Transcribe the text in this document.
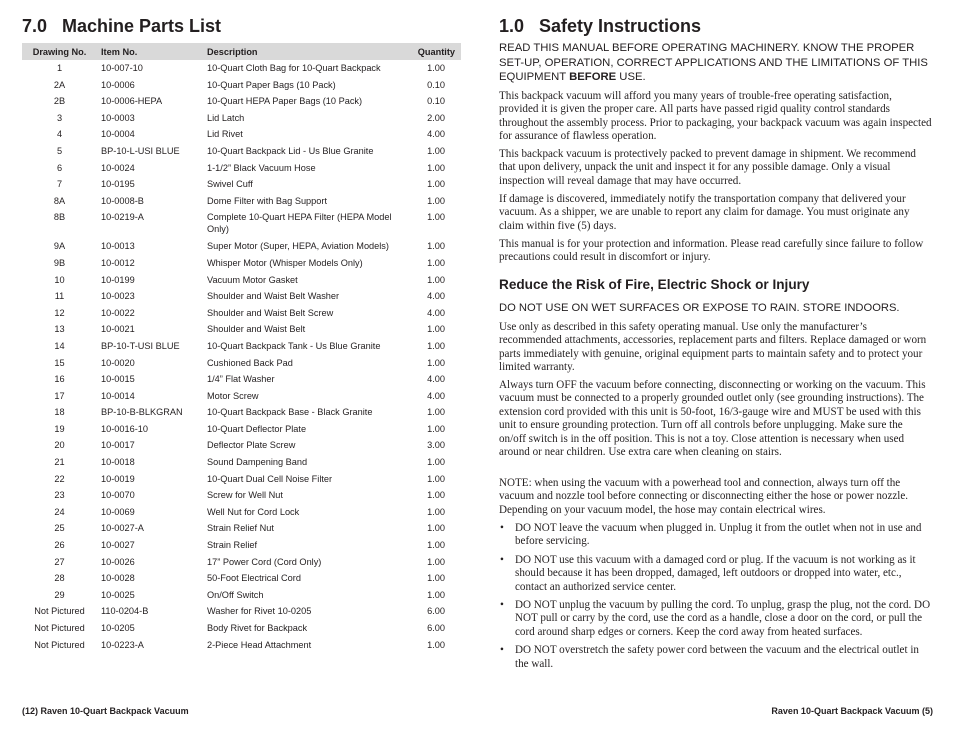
7.0 Machine Parts List
Drawing No.	Item No.	Description	Quantity
1	10-007-10	10-Quart Cloth Bag for 10-Quart Backpack	1.00
2A	10-0006	10-Quart Paper Bags (10 Pack)	0.10
2B	10-0006-HEPA	10-Quart HEPA Paper Bags (10 Pack)	0.10
3	10-0003	Lid Latch	2.00
4	10-0004	Lid Rivet	4.00
5	BP-10-L-USI BLUE	10-Quart Backpack Lid - Us Blue Granite	1.00
6	10-0024	1-1/2” Black Vacuum Hose	1.00
7	10-0195	Swivel Cuff	1.00
8A	10-0008-B	Dome Filter with Bag Support	1.00
8B	10-0219-A	Complete 10-Quart HEPA Filter (HEPA Model Only)	1.00
9A	10-0013	Super Motor (Super, HEPA, Aviation Models)	1.00
9B	10-0012	Whisper Motor (Whisper Models Only)	1.00
10	10-0199	Vacuum Motor Gasket	1.00
11	10-0023	Shoulder and Waist Belt Washer	4.00
12	10-0022	Shoulder and Waist Belt Screw	4.00
13	10-0021	Shoulder and Waist Belt	1.00
14	BP-10-T-USI BLUE	10-Quart Backpack Tank - Us Blue Granite	1.00
15	10-0020	Cushioned Back Pad	1.00
16	10-0015	1/4” Flat Washer	4.00
17	10-0014	Motor Screw	4.00
18	BP-10-B-BLKGRAN	10-Quart Backpack Base - Black Granite	1.00
19	10-0016-10	10-Quart Deflector Plate	1.00
20	10-0017	Deflector Plate Screw	3.00
21	10-0018	Sound Dampening Band	1.00
22	10-0019	10-Quart Dual Cell Noise Filter	1.00
23	10-0070	Screw for Well Nut	1.00
24	10-0069	Well Nut for Cord Lock	1.00
25	10-0027-A	Strain Relief Nut	1.00
26	10-0027	Strain Relief	1.00
27	10-0026	17” Power Cord (Cord Only)	1.00
28	10-0028	50-Foot Electrical Cord	1.00
29	10-0025	On/Off Switch	1.00
Not Pictured	110-0204-B	Washer for Rivet 10-0205	6.00
Not Pictured	10-0205	Body Rivet for Backpack	6.00
Not Pictured	10-0223-A	2-Piece Head Attachment	1.00
(12) Raven 10-Quart Backpack Vacuum
1.0 Safety Instructions

READ THIS MANUAL BEFORE OPERATING MACHINERY. KNOW THE PROPER SET-UP, OPERATION, CORRECT APPLICATIONS AND THE LIMITATIONS OF THIS EQUIPMENT BEFORE USE.

This backpack vacuum will afford you many years of trouble-free operating satisfaction, provided it is given the proper care. All parts have passed rigid quality control standards throughout the assembly process. Prior to packaging, your backpack vacuum was again inspected for assurance of flawless operation.

This backpack vacuum is protectively packed to prevent damage in shipment. We recommend that upon delivery, unpack the unit and inspect it for any possible damage. Only a visual inspection will reveal damage that may have occurred.

If damage is discovered, immediately notify the transportation company that delivered your vacuum. As a shipper, we are unable to report any claim for damage. You must originate any claim within five (5) days.

This manual is for your protection and information. Please read carefully since failure to follow precautions could result in discomfort or injury.

Reduce the Risk of Fire, Electric Shock or Injury
DO NOT USE ON WET SURFACES OR EXPOSE TO RAIN. STORE INDOORS.

Use only as described in this safety operating manual. Use only the manufacturer’s recommended attachments, accessories, replacement parts and filters. Replace damaged or worn parts immediately with genuine, original equipment parts to maintain safety and to protect your limited warranty.

Always turn OFF the vacuum before connecting, disconnecting or working on the vacuum. This vacuum must be connected to a properly grounded outlet only (see grounding instructions). The extension cord provided with this unit is 50-foot, 16/3-gauge wire and MUST be used with this unit to ensure grounding protection. Turn off all controls before unplugging. Make sure the on/off switch is in the off position. This is not a toy. Close attention is necessary when used around or near children. Use extra care when cleaning on stairs.

NOTE: when using the vacuum with a powerhead tool and connection, always turn off the vacuum and nozzle tool before connecting or disconnecting either the hose or power nozzle. Depending on your vacuum model, the hose may contain electrical wires.

• DO NOT leave the vacuum when plugged in. Unplug it from the outlet when not in use and before servicing.
• DO NOT use this vacuum with a damaged cord or plug. If the vacuum is not working as it should because it has been dropped, damaged, left outdoors or dropped into water, etc., contact an authorized service center.
• DO NOT unplug the vacuum by pulling the cord. To unplug, grasp the plug, not the cord. DO NOT pull or carry by the cord, use the cord as a handle, close a door on the cord, or pull the cord around sharp edges or corners. Keep the cord away from heated surfaces.
• DO NOT overstretch the safety power cord between the vacuum and the electrical outlet in the wall.
Raven 10-Quart Backpack Vacuum (5)
